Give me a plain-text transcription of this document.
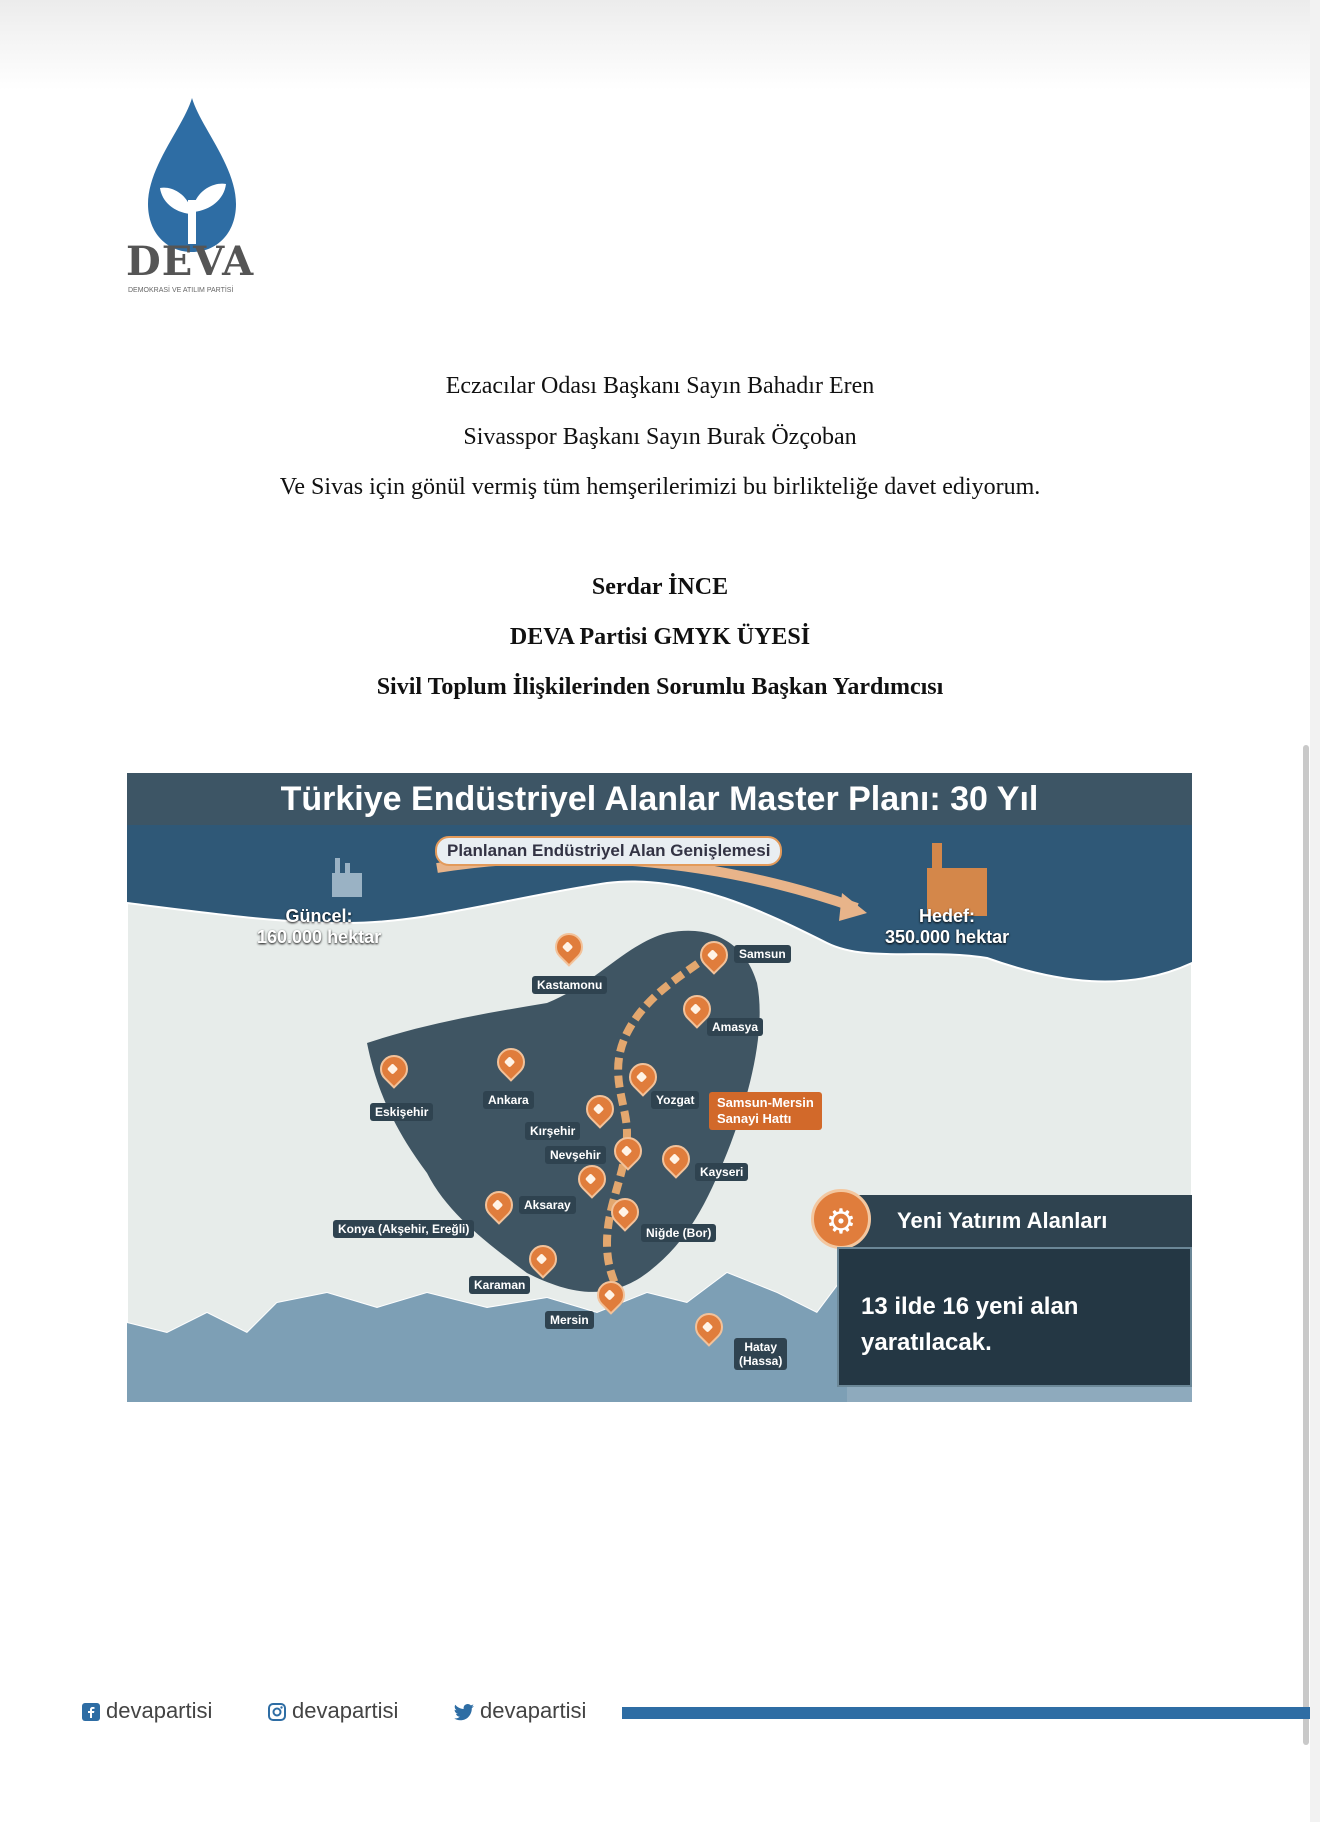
DEVA
DEMOKRASİ VE ATILIM PARTİSİ
Eczacılar Odası Başkanı Sayın Bahadır Eren
Sivasspor Başkanı Sayın Burak Özçoban
Ve Sivas için gönül vermiş tüm hemşerilerimizi bu birlikteliğe davet ediyorum.
Serdar İNCE
DEVA Partisi GMYK ÜYESİ
Sivil Toplum İlişkilerinden Sorumlu Başkan Yardımcısı
Türkiye Endüstriyel Alanlar Master Planı: 30 Yıl
Planlanan Endüstriyel Alan Genişlemesi
Güncel:
160.000 hektar
Hedef:
350.000 hektar
Kastamonu
Samsun
Amasya
Eskişehir
Ankara	Yozgat
Kırşehir
Nevşehir
Kayseri
Aksaray
Konya (Akşehir, Ereğli)	Niğde (Bor)
Karaman
Mersin
Hatay
(Hassa)
Samsun-Mersin
Sanayi Hattı
Yeni Yatırım Alanları
⚙
13 ilde 16 yeni alan
yaratılacak.
devapartisi	devapartisi	devapartisi
